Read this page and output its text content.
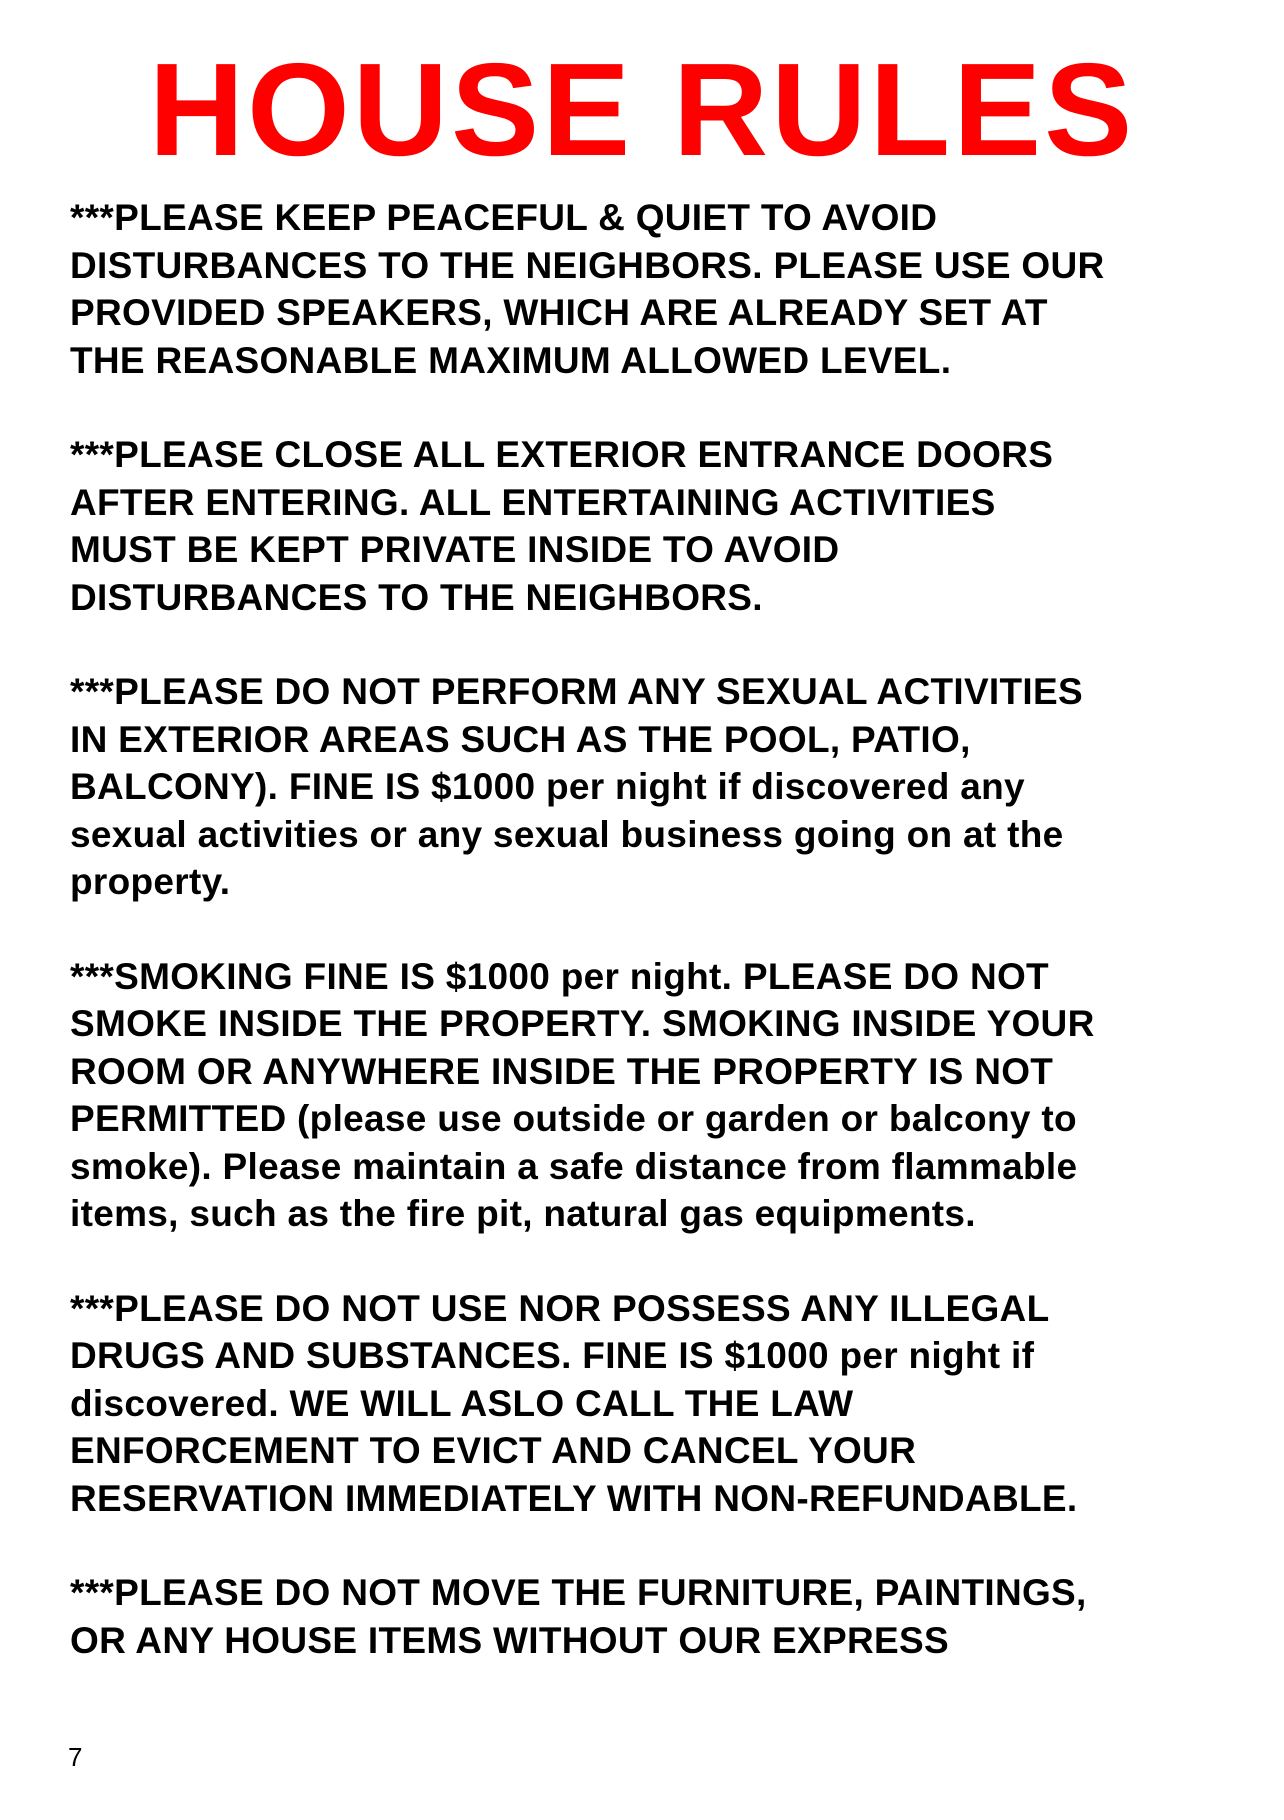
HOUSE RULES

***PLEASE KEEP PEACEFUL & QUIET TO AVOID
DISTURBANCES TO THE NEIGHBORS. PLEASE USE OUR
PROVIDED SPEAKERS, WHICH ARE ALREADY SET AT
THE REASONABLE MAXIMUM ALLOWED LEVEL.

***PLEASE CLOSE ALL EXTERIOR ENTRANCE DOORS
AFTER ENTERING. ALL ENTERTAINING ACTIVITIES
MUST BE KEPT PRIVATE INSIDE TO AVOID
DISTURBANCES TO THE NEIGHBORS.

***PLEASE DO NOT PERFORM ANY SEXUAL ACTIVITIES
IN EXTERIOR AREAS SUCH AS THE POOL, PATIO,
BALCONY). FINE IS $1000 per night if discovered any
sexual activities or any sexual business going on at the
property.

***SMOKING FINE IS $1000 per night. PLEASE DO NOT
SMOKE INSIDE THE PROPERTY. SMOKING INSIDE YOUR
ROOM OR ANYWHERE INSIDE THE PROPERTY IS NOT
PERMITTED (please use outside or garden or balcony to
smoke). Please maintain a safe distance from flammable
items, such as the fire pit, natural gas equipments.

***PLEASE DO NOT USE NOR POSSESS ANY ILLEGAL
DRUGS AND SUBSTANCES. FINE IS $1000 per night if
discovered. WE WILL ASLO CALL THE LAW
ENFORCEMENT TO EVICT AND CANCEL YOUR
RESERVATION IMMEDIATELY WITH NON-REFUNDABLE.

***PLEASE DO NOT MOVE THE FURNITURE, PAINTINGS,
OR ANY HOUSE ITEMS WITHOUT OUR EXPRESS

7
